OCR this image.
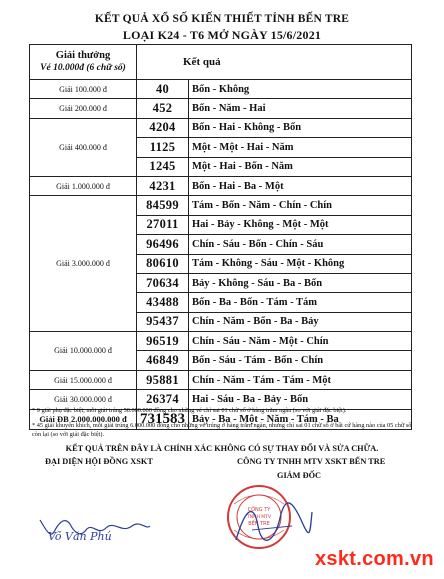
KẾT QUẢ XỔ SỐ KIẾN THIẾT TỈNH BẾN TRE
LOẠI K24 - T6 MỞ NGÀY 15/6/2021
Giải thưởng
Vé 10.000đ (6 chữ số)	Kết quả	
Giải 100.000 đ	40	Bốn - Không
Giải 200.000 đ	452	Bốn - Năm - Hai
Giải 400.000 đ	4204	Bốn - Hai - Không - Bốn
	1125	Một - Một - Hai - Năm
	1245	Một - Hai - Bốn - Năm
Giải 1.000.000 đ	4231	Bốn - Hai - Ba - Một
Giải 3.000.000 đ	84599	Tám - Bốn - Năm - Chín - Chín
	27011	Hai - Bảy - Không - Một - Một
	96496	Chín - Sáu - Bốn - Chín - Sáu
	80610	Tám - Không - Sáu - Một - Không
	70634	Bảy - Không - Sáu - Ba - Bốn
	43488	Bốn - Ba - Bốn - Tám - Tám
	95437	Chín - Năm - Bốn - Ba - Bảy
Giải 10.000.000 đ	96519	Chín - Sáu - Năm - Một - Chín
	46849	Bốn - Sáu - Tám - Bốn - Chín
Giải 15.000.000 đ	95881	Chín - Năm - Tám - Tám - Một
Giải 30.000.000 đ	26374	Hai - Sáu - Ba - Bảy - Bốn
Giải ĐB 2.000.000.000 đ	731583	Bảy - Ba - Một - Năm - Tám - Ba
* 9 giải phụ đặc biệt, mỗi giải trúng 50.000.000 đồng cho những vé chỉ sai 01 chữ số ở hàng trăm ngàn (so với giải đặc biệt).
* 45 giải khuyến khích, mỗi giải trúng 6.000.000 đồng cho những vé trúng ở hàng trăm ngàn, nhưng chỉ sai 01 chữ số ở bất cứ hàng nào của 05 chữ số còn lại (so với giải đặc biệt).
KẾT QUẢ TRÊN ĐÂY LÀ CHÍNH XÁC KHÔNG CÓ SỰ THAY ĐỔI VÀ SỬA CHỮA.
ĐẠI DIỆN HỘI ĐỒNG XSKT	CÔNG TY TNHH MTV XSKT BẾN TRE
GIÁM ĐỐC
CÔNG TY
TNHH MTV
BẾN TRE
Võ Văn Phú
xskt.com.vn
